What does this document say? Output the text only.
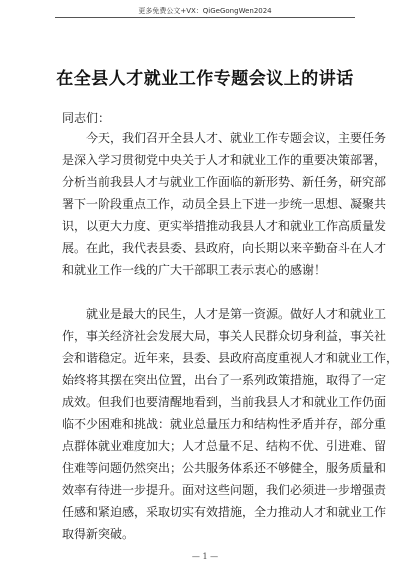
更多免费公文+VX：QiGeGongWen2024
在全县人才就业工作专题会议上的讲话
同志们：
今天，我们召开全县人才、就业工作专题会议，主要任务
是深入学习贯彻党中央关于人才和就业工作的重要决策部署，
分析当前我县人才与就业工作面临的新形势、新任务，研究部
署下一阶段重点工作，动员全县上下进一步统一思想、凝聚共
识，以更大力度、更实举措推动我县人才和就业工作高质量发
展。在此，我代表县委、县政府，向长期以来辛勤奋斗在人才
和就业工作一线的广大干部职工表示衷心的感谢！
就业是最大的民生，人才是第一资源。做好人才和就业工
作，事关经济社会发展大局，事关人民群众切身利益，事关社
会和谐稳定。近年来，县委、县政府高度重视人才和就业工作，
始终将其摆在突出位置，出台了一系列政策措施，取得了一定
成效。但我们也要清醒地看到，当前我县人才和就业工作仍面
临不少困难和挑战：就业总量压力和结构性矛盾并存，部分重
点群体就业难度加大；人才总量不足、结构不优、引进难、留
住难等问题仍然突出；公共服务体系还不够健全，服务质量和
效率有待进一步提升。面对这些问题，我们必须进一步增强责
任感和紧迫感，采取切实有效措施，全力推动人才和就业工作
取得新突破。
— 1 —
